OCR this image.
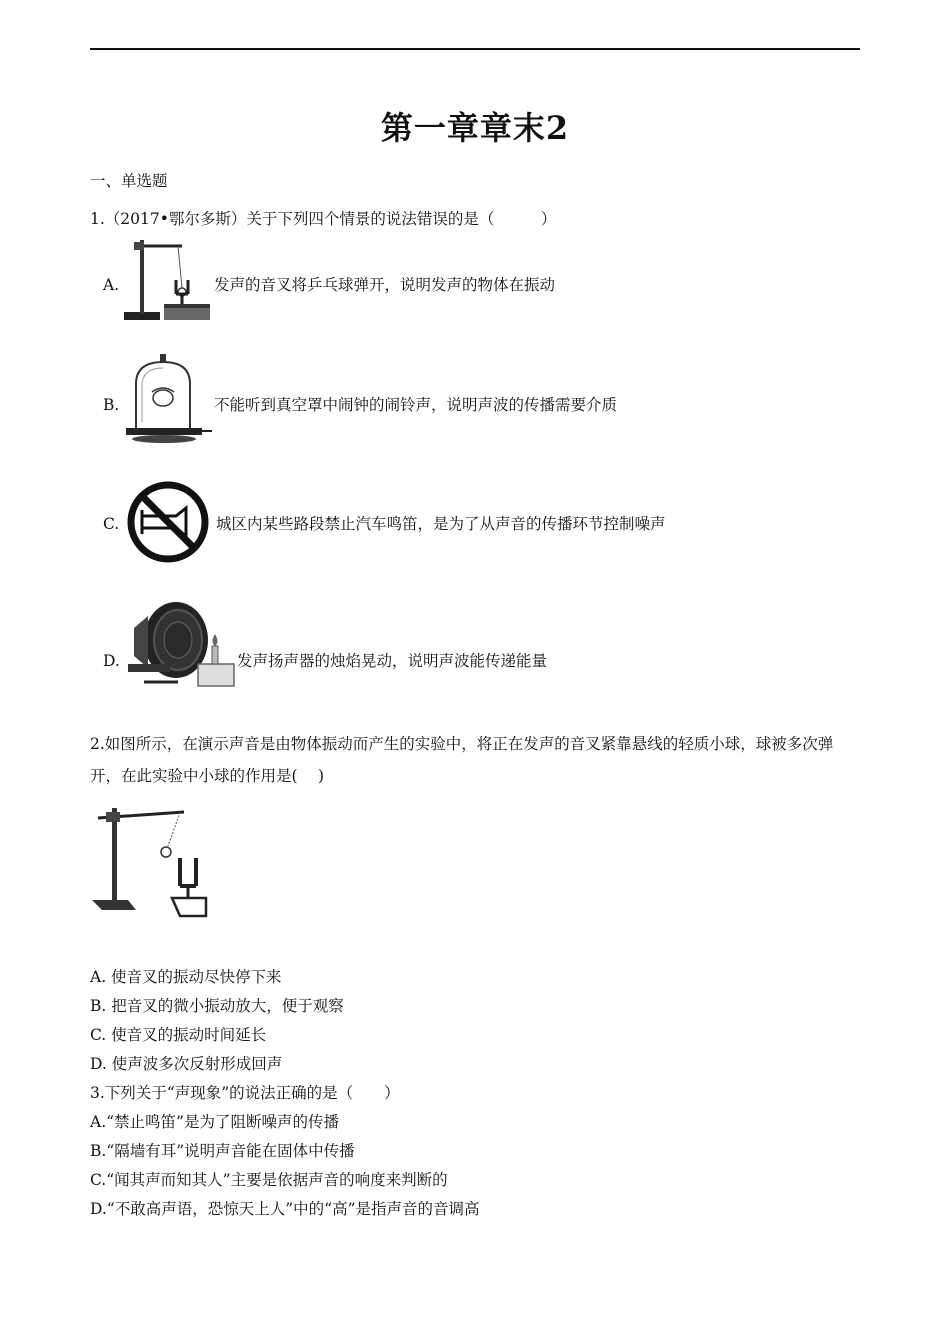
第一章章末2
一、单选题
1.（2017•鄂尔多斯）关于下列四个情景的说法错误的是（　　　）
A.	发声的音叉将乒乓球弹开，说明发声的物体在振动
B.	不能听到真空罩中闹钟的闹铃声，说明声波的传播需要介质
C.	城区内某些路段禁止汽车鸣笛，是为了从声音的传播环节控制噪声
D.	发声扬声器的烛焰晃动，说明声波能传递能量
2.如图所示，在演示声音是由物体振动而产生的实验中，将正在发声的音叉紧靠悬线的轻质小球，球被多次弹开，在此实验中小球的作用是(　 )
A. 使音叉的振动尽快停下来
B. 把音叉的微小振动放大，便于观察
C. 使音叉的振动时间延长
D. 使声波多次反射形成回声
3.下列关于“声现象”的说法正确的是（　　）
A.“禁止鸣笛”是为了阻断噪声的传播
B.“隔墙有耳”说明声音能在固体中传播
C.“闻其声而知其人”主要是依据声音的响度来判断的
D.“不敢高声语，恐惊天上人”中的“高”是指声音的音调高
